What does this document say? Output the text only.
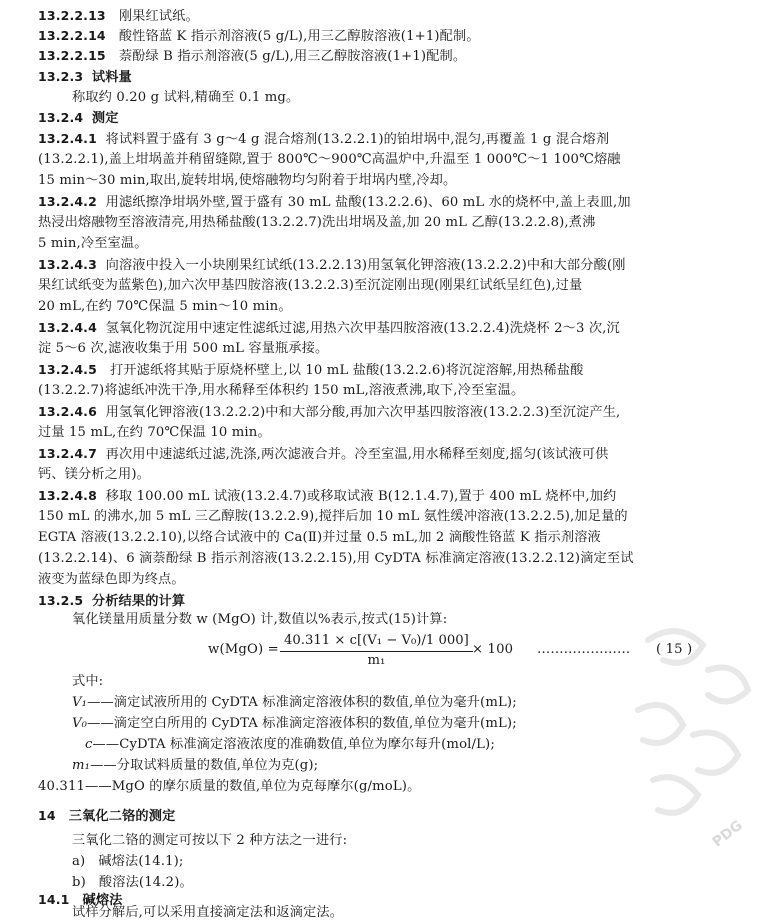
13.2.2.13 刚果红试纸。
13.2.2.14 酸性铬蓝 K 指示剂溶液(5 g/L),用三乙醇胺溶液(1+1)配制。
13.2.2.15 萘酚绿 B 指示剂溶液(5 g/L),用三乙醇胺溶液(1+1)配制。
13.2.3 试料量
称取约 0.20 g 试料,精确至 0.1 mg。
13.2.4 测定
13.2.4.1 将试料置于盛有 3 g～4 g 混合熔剂(13.2.2.1)的铂坩埚中,混匀,再覆盖 1 g 混合熔剂
(13.2.2.1),盖上坩埚盖并稍留缝隙,置于 800℃～900℃高温炉中,升温至 1 000℃～1 100℃熔融
15 min～30 min,取出,旋转坩埚,使熔融物均匀附着于坩埚内壁,冷却。
13.2.4.2 用滤纸擦净坩埚外壁,置于盛有 30 mL 盐酸(13.2.2.6)、60 mL 水的烧杯中,盖上表皿,加
热浸出熔融物至溶液清亮,用热稀盐酸(13.2.2.7)洗出坩埚及盖,加 20 mL 乙醇(13.2.2.8),煮沸
5 min,冷至室温。
13.2.4.3 向溶液中投入一小块刚果红试纸(13.2.2.13)用氢氧化钾溶液(13.2.2.2)中和大部分酸(刚
果红试纸变为蓝紫色),加六次甲基四胺溶液(13.2.2.3)至沉淀刚出现(刚果红试纸呈红色),过量
20 mL,在约 70℃保温 5 min～10 min。
13.2.4.4 氢氧化物沉淀用中速定性滤纸过滤,用热六次甲基四胺溶液(13.2.2.4)洗烧杯 2～3 次,沉
淀 5～6 次,滤液收集于用 500 mL 容量瓶承接。
13.2.4.5 打开滤纸将其贴于原烧杯壁上,以 10 mL 盐酸(13.2.2.6)将沉淀溶解,用热稀盐酸
(13.2.2.7)将滤纸冲洗干净,用水稀释至体积约 150 mL,溶液煮沸,取下,冷至室温。
13.2.4.6 用氢氧化钾溶液(13.2.2.2)中和大部分酸,再加六次甲基四胺溶液(13.2.2.3)至沉淀产生,
过量 15 mL,在约 70℃保温 10 min。
13.2.4.7 再次用中速滤纸过滤,洗涤,两次滤液合并。冷至室温,用水稀释至刻度,摇匀(该试液可供
钙、镁分析之用)。
13.2.4.8 移取 100.00 mL 试液(13.2.4.7)或移取试液 B(12.1.4.7),置于 400 mL 烧杯中,加约
150 mL 的沸水,加 5 mL 三乙醇胺(13.2.2.9),搅拌后加 10 mL 氨性缓冲溶液(13.2.2.5),加足量的
EGTA 溶液(13.2.2.10),以络合试液中的 Ca(Ⅱ)并过量 0.5 mL,加 2 滴酸性铬蓝 K 指示剂溶液
(13.2.2.14)、6 滴萘酚绿 B 指示剂溶液(13.2.2.15),用 CyDTA 标准滴定溶液(13.2.2.12)滴定至试
液变为蓝绿色即为终点。
13.2.5 分析结果的计算
氧化镁量用质量分数 w (MgO) 计,数值以%表示,按式(15)计算:
$w(MgO) = \frac{\text{40.311 × c[(V₁ − V₀)/1 000]}}{\text{m₁}} \times 100$ ………………… ( 15 )
式中:
V₁——滴定试液所用的 CyDTA 标准滴定溶液体积的数值,单位为毫升(mL);
V₀——滴定空白所用的 CyDTA 标准滴定溶液体积的数值,单位为毫升(mL);
c——CyDTA 标准滴定溶液浓度的准确数值,单位为摩尔每升(mol/L);
m₁——分取试料质量的数值,单位为克(g);
40.311——MgO 的摩尔质量的数值,单位为克每摩尔(g/moL)。
14 三氧化二铬的测定
三氧化二铬的测定可按以下 2 种方法之一进行:
a) 碱熔法(14.1);
b) 酸溶法(14.2)。
14.1 碱熔法
试样分解后,可以采用直接滴定法和返滴定法。
PDG
